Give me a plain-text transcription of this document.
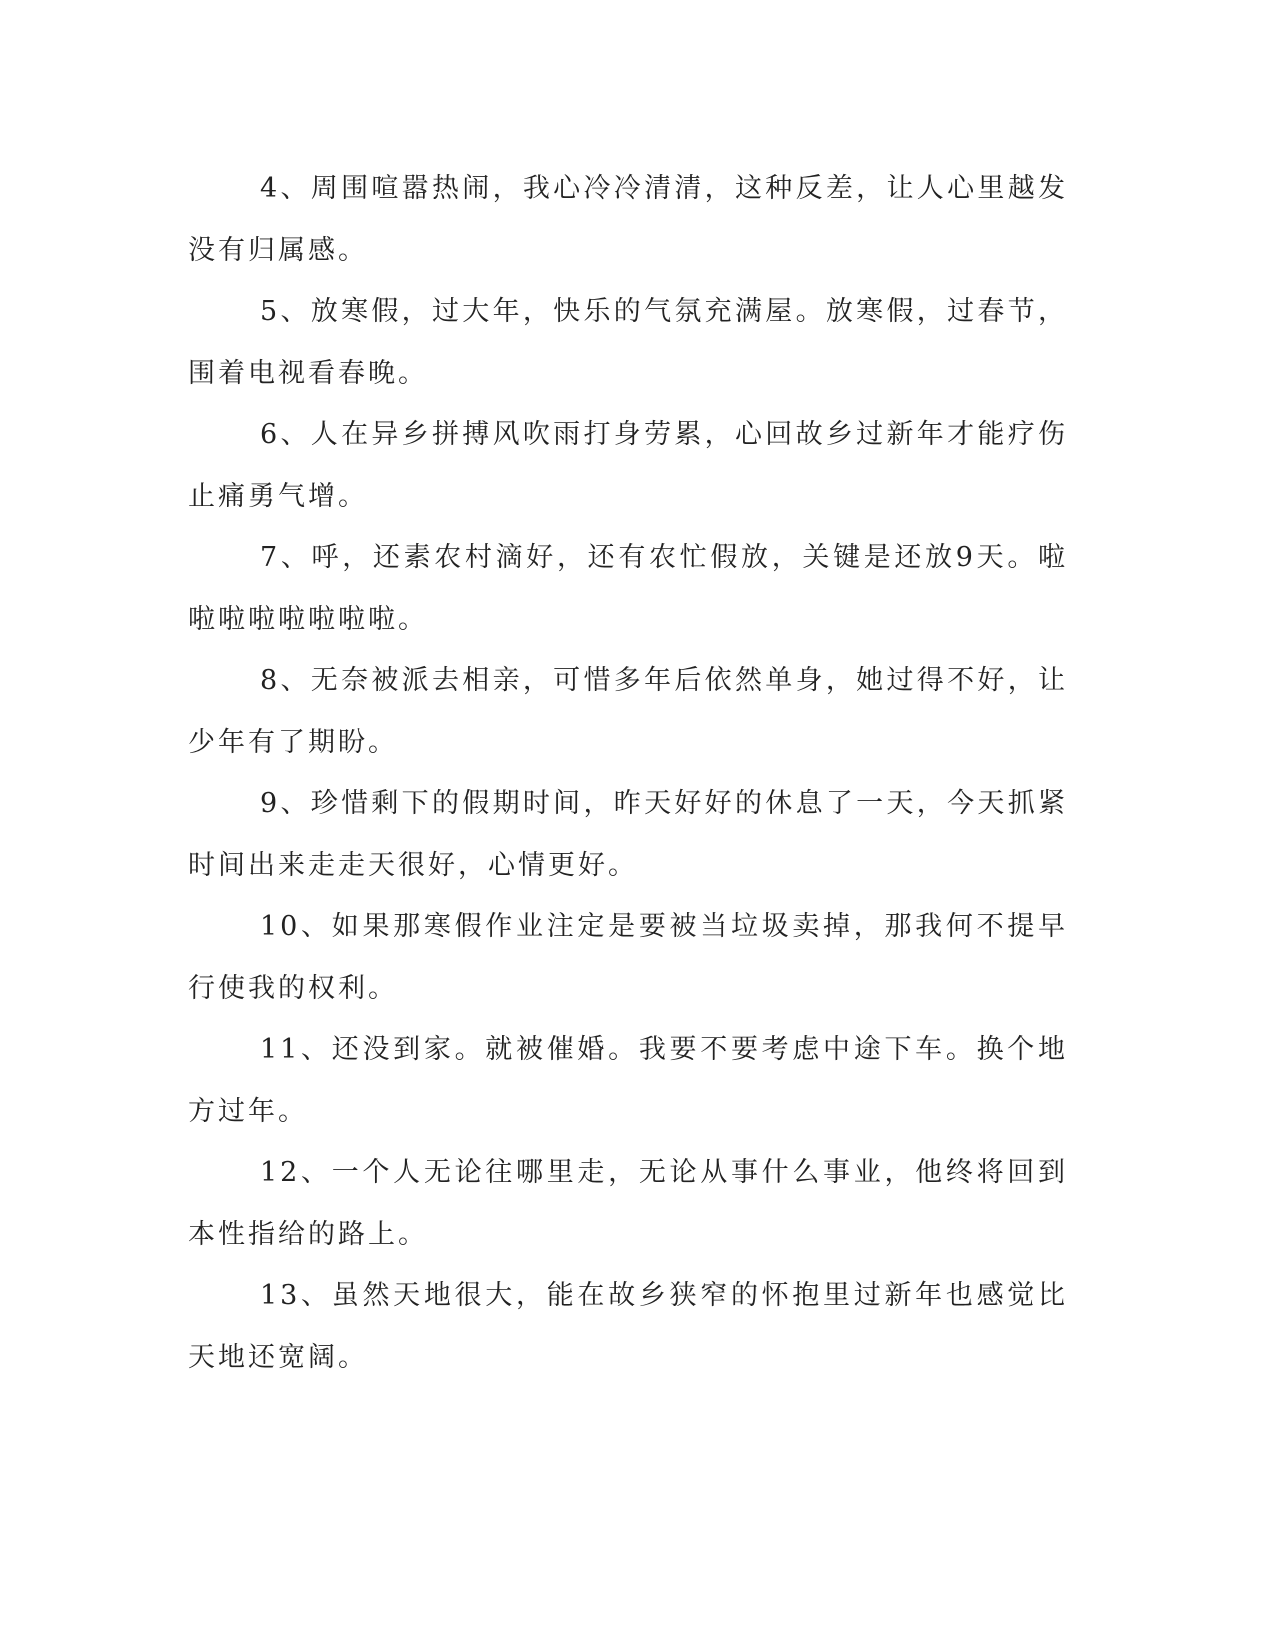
4、周围喧嚣热闹，我心冷冷清清，这种反差，让人心里越发没有归属感。

5、放寒假，过大年，快乐的气氛充满屋。放寒假，过春节，围着电视看春晚。

6、人在异乡拼搏风吹雨打身劳累，心回故乡过新年才能疗伤止痛勇气增。

7、呼，还素农村滴好，还有农忙假放，关键是还放9天。啦啦啦啦啦啦啦啦。

8、无奈被派去相亲，可惜多年后依然单身，她过得不好，让少年有了期盼。

9、珍惜剩下的假期时间，昨天好好的休息了一天，今天抓紧时间出来走走天很好，心情更好。

10、如果那寒假作业注定是要被当垃圾卖掉，那我何不提早行使我的权利。

11、还没到家。就被催婚。我要不要考虑中途下车。换个地方过年。

12、一个人无论往哪里走，无论从事什么事业，他终将回到本性指给的路上。

13、虽然天地很大，能在故乡狭窄的怀抱里过新年也感觉比天地还宽阔。
